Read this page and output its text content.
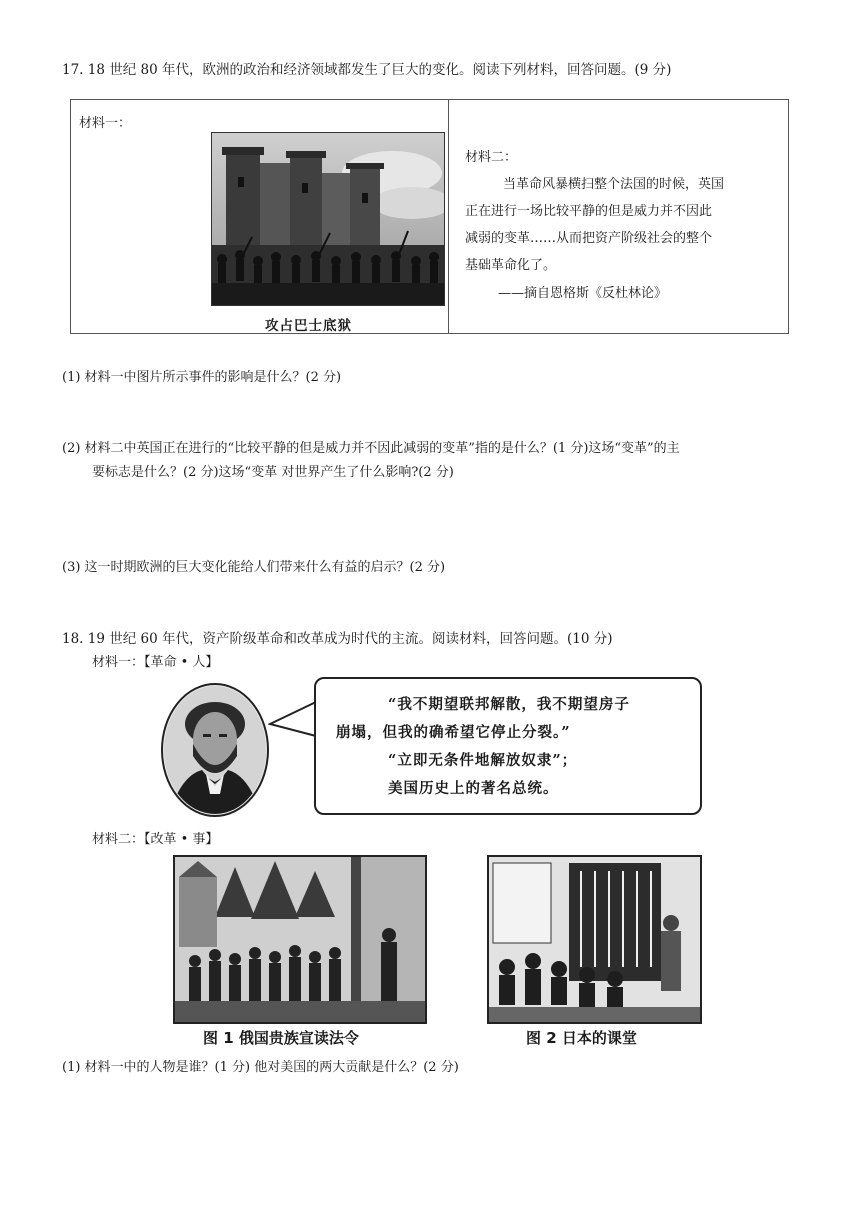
17. 18 世纪 80 年代，欧洲的政治和经济领域都发生了巨大的变化。阅读下列材料，回答问题。(9 分)
材料一：
攻占巴士底狱
材料二：
当革命风暴横扫整个法国的时候，英国
正在进行一场比较平静的但是威力并不因此
减弱的变革……从而把资产阶级社会的整个
基础革命化了。
——摘自恩格斯《反杜林论》
(1) 材料一中图片所示事件的影响是什么？(2 分)
(2) 材料二中英国正在进行的“比较平静的但是威力并不因此减弱的变革”指的是什么？(1 分)这场“变革”的主
要标志是什么？(2 分)这场“变革 对世界产生了什么影响?(2 分)
(3) 这一时期欧洲的巨大变化能给人们带来什么有益的启示？(2 分)
18. 19 世纪 60 年代，资产阶级革命和改革成为时代的主流。阅读材料，回答问题。(10 分)
材料一：【革命 • 人】
“我不期望联邦解散，我不期望房子
崩塌，但我的确希望它停止分裂。”
“立即无条件地解放奴隶”；
美国历史上的著名总统。
材料二：【改革 • 事】
图 1 俄国贵族宣读法令	图 2 日本的课堂
(1) 材料一中的人物是谁？(1 分) 他对美国的两大贡献是什么？(2 分)
